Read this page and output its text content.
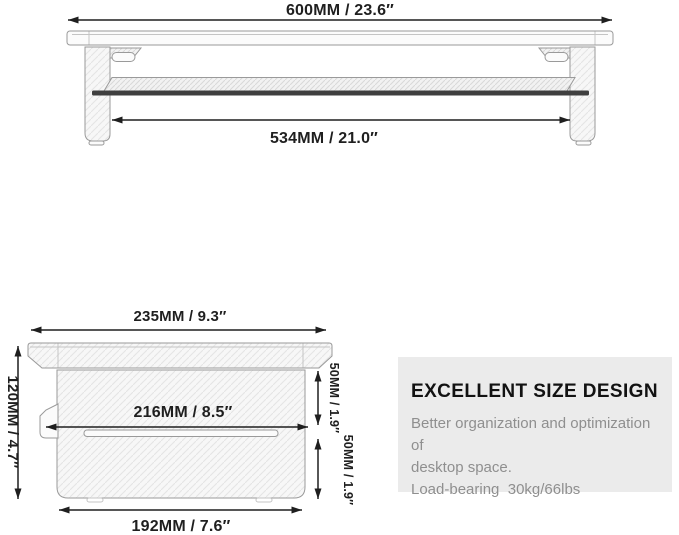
600MM / 23.6″
534MM / 21.0″
235MM / 9.3″
216MM / 8.5″
192MM / 7.6″
120MM / 4.7″	50MM / 1.9″
50MM / 1.9″
EXCELLENT SIZE DESIGN

Better organization and optimization of

desktop space.

Load-bearing  30kg/66lbs
